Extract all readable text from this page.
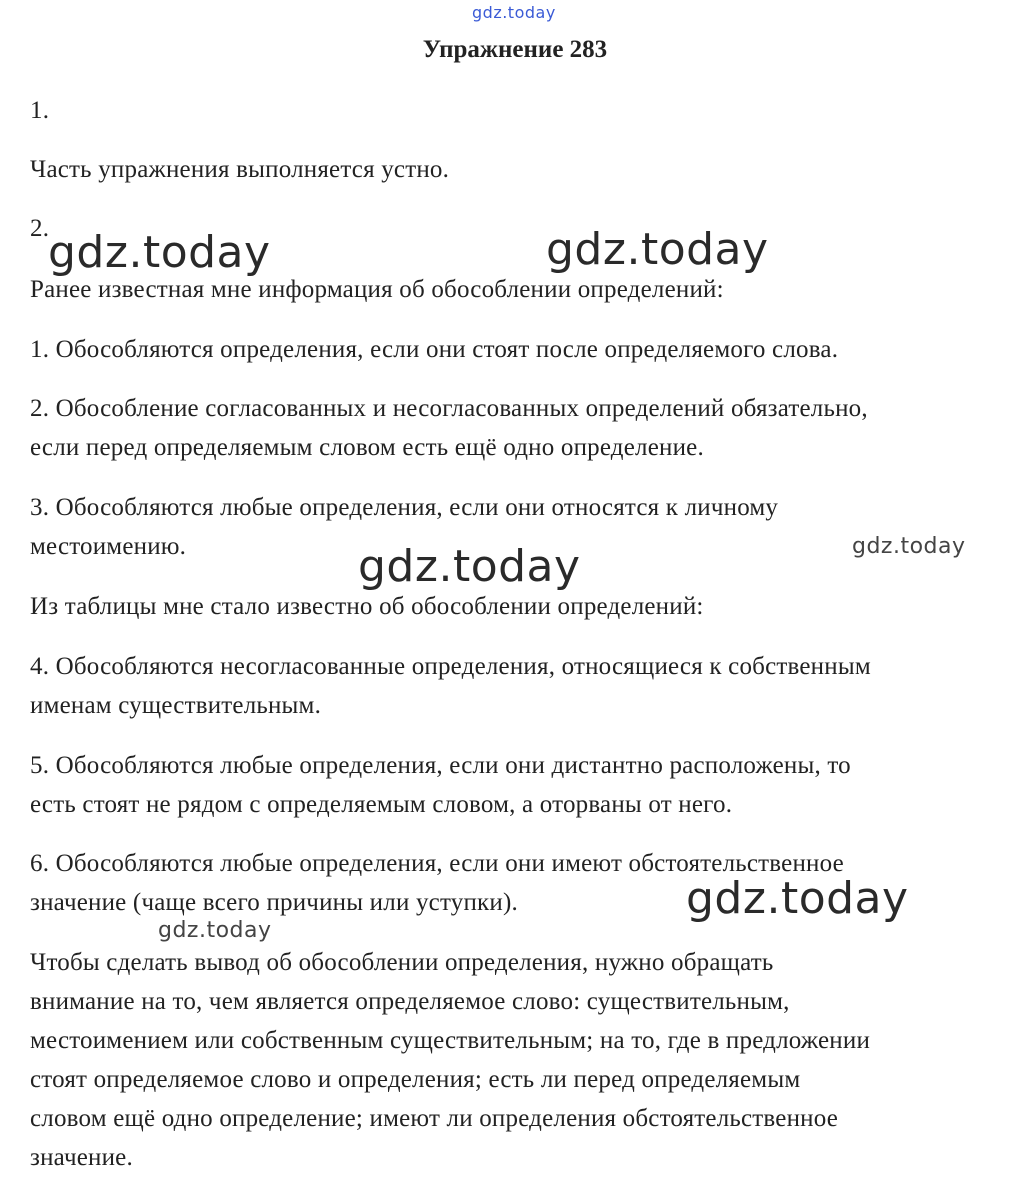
gdz.today
gdz.today	gdz.today
gdz.today	gdz.today
gdz.today
gdz.today
Упражнение 283
1.
Часть упражнения выполняется устно.
2.
Ранее известная мне информация об обособлении определений:
1. Обособляются определения, если они стоят после определяемого слова.
2. Обособление согласованных и несогласованных определений обязательно,
если перед определяемым словом есть ещё одно определение.
3. Обособляются любые определения, если они относятся к личному
местоимению.
Из таблицы мне стало известно об обособлении определений:
4. Обособляются несогласованные определения, относящиеся к собственным
именам существительным.
5. Обособляются любые определения, если они дистантно расположены, то
есть стоят не рядом с определяемым словом, а оторваны от него.
6. Обособляются любые определения, если они имеют обстоятельственное
значение (чаще всего причины или уступки).
Чтобы сделать вывод об обособлении определения, нужно обращать
внимание на то, чем является определяемое слово: существительным,
местоимением или собственным существительным; на то, где в предложении
стоят определяемое слово и определения; есть ли перед определяемым
словом ещё одно определение; имеют ли определения обстоятельственное
значение.
